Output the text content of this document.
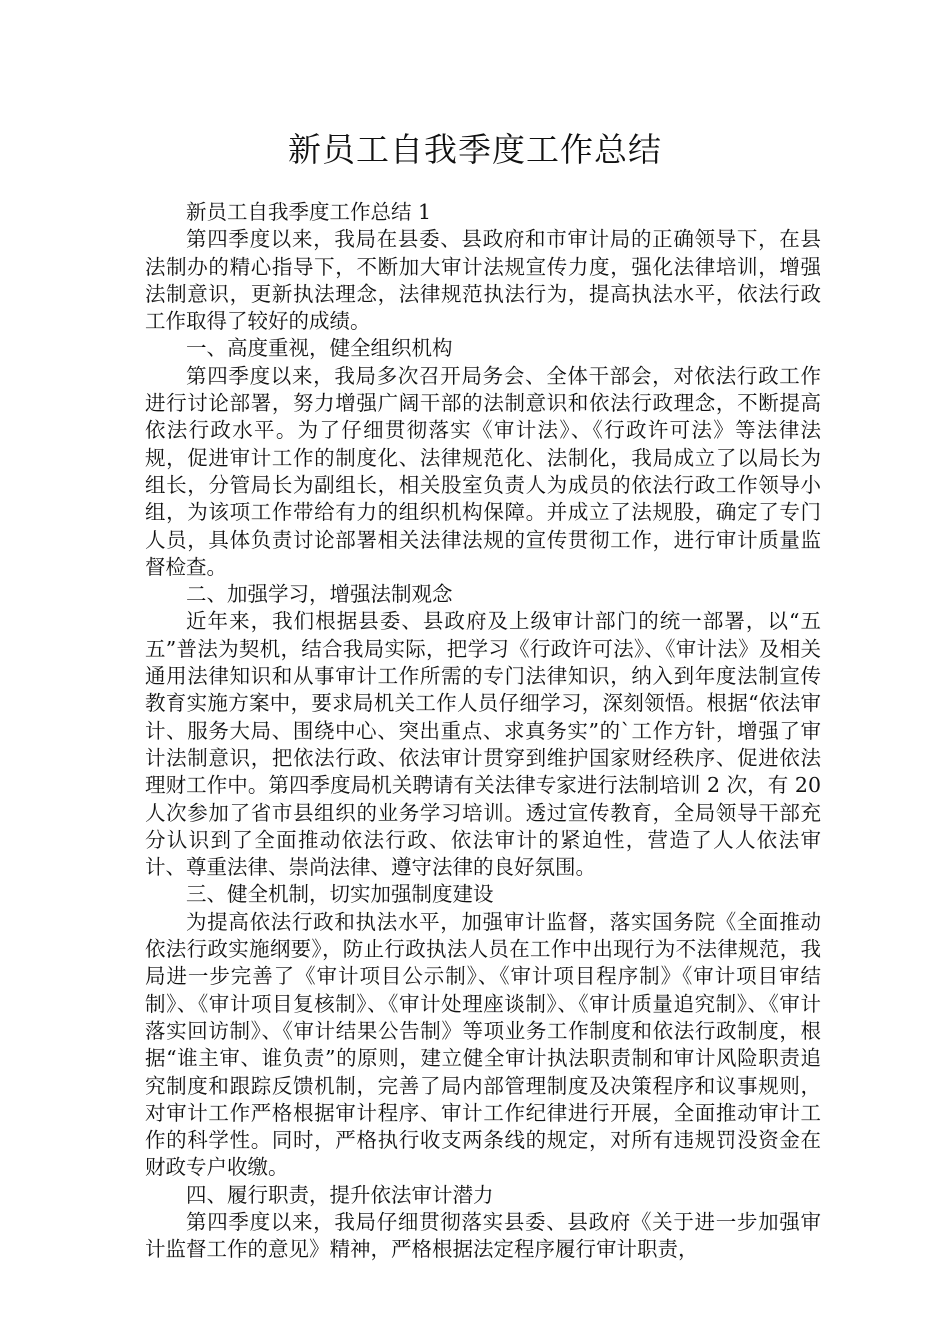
新员工自我季度工作总结

新员工自我季度工作总结 1

第四季度以来，我局在县委、县政府和市审计局的正确领导下，在县法制办的精心指导下，不断加大审计法规宣传力度，强化法律培训，增强法制意识，更新执法理念，法律规范执法行为，提高执法水平，依法行政工作取得了较好的成绩。

一、高度重视，健全组织机构

第四季度以来，我局多次召开局务会、全体干部会，对依法行政工作进行讨论部署，努力增强广阔干部的法制意识和依法行政理念，不断提高依法行政水平。为了仔细贯彻落实《审计法》、《行政许可法》等法律法规，促进审计工作的制度化、法律规范化、法制化，我局成立了以局长为组长，分管局长为副组长，相关股室负责人为成员的依法行政工作领导小组，为该项工作带给有力的组织机构保障。并成立了法规股，确定了专门人员，具体负责讨论部署相关法律法规的宣传贯彻工作，进行审计质量监督检查。

二、加强学习，增强法制观念

近年来，我们根据县委、县政府及上级审计部门的统一部署，以“五五”普法为契机，结合我局实际，把学习《行政许可法》、《审计法》及相关通用法律知识和从事审计工作所需的专门法律知识，纳入到年度法制宣传教育实施方案中，要求局机关工作人员仔细学习，深刻领悟。根据“依法审计、服务大局、围绕中心、突出重点、求真务实”的`工作方针，增强了审计法制意识，把依法行政、依法审计贯穿到维护国家财经秩序、促进依法理财工作中。第四季度局机关聘请有关法律专家进行法制培训 2 次，有 20 人次参加了省市县组织的业务学习培训。透过宣传教育，全局领导干部充分认识到了全面推动依法行政、依法审计的紧迫性，营造了人人依法审计、尊重法律、崇尚法律、遵守法律的良好氛围。

三、健全机制，切实加强制度建设

为提高依法行政和执法水平，加强审计监督，落实国务院《全面推动依法行政实施纲要》，防止行政执法人员在工作中出现行为不法律规范，我局进一步完善了《审计项目公示制》、《审计项目程序制》《审计项目审结制》、《审计项目复核制》、《审计处理座谈制》、《审计质量追究制》、《审计落实回访制》、《审计结果公告制》等项业务工作制度和依法行政制度，根据“谁主审、谁负责”的原则，建立健全审计执法职责制和审计风险职责追究制度和跟踪反馈机制，完善了局内部管理制度及决策程序和议事规则，对审计工作严格根据审计程序、审计工作纪律进行开展，全面推动审计工作的科学性。同时，严格执行收支两条线的规定，对所有违规罚没资金在财政专户收缴。

四、履行职责，提升依法审计潜力

第四季度以来，我局仔细贯彻落实县委、县政府《关于进一步加强审计监督工作的意见》精神，严格根据法定程序履行审计职责，
